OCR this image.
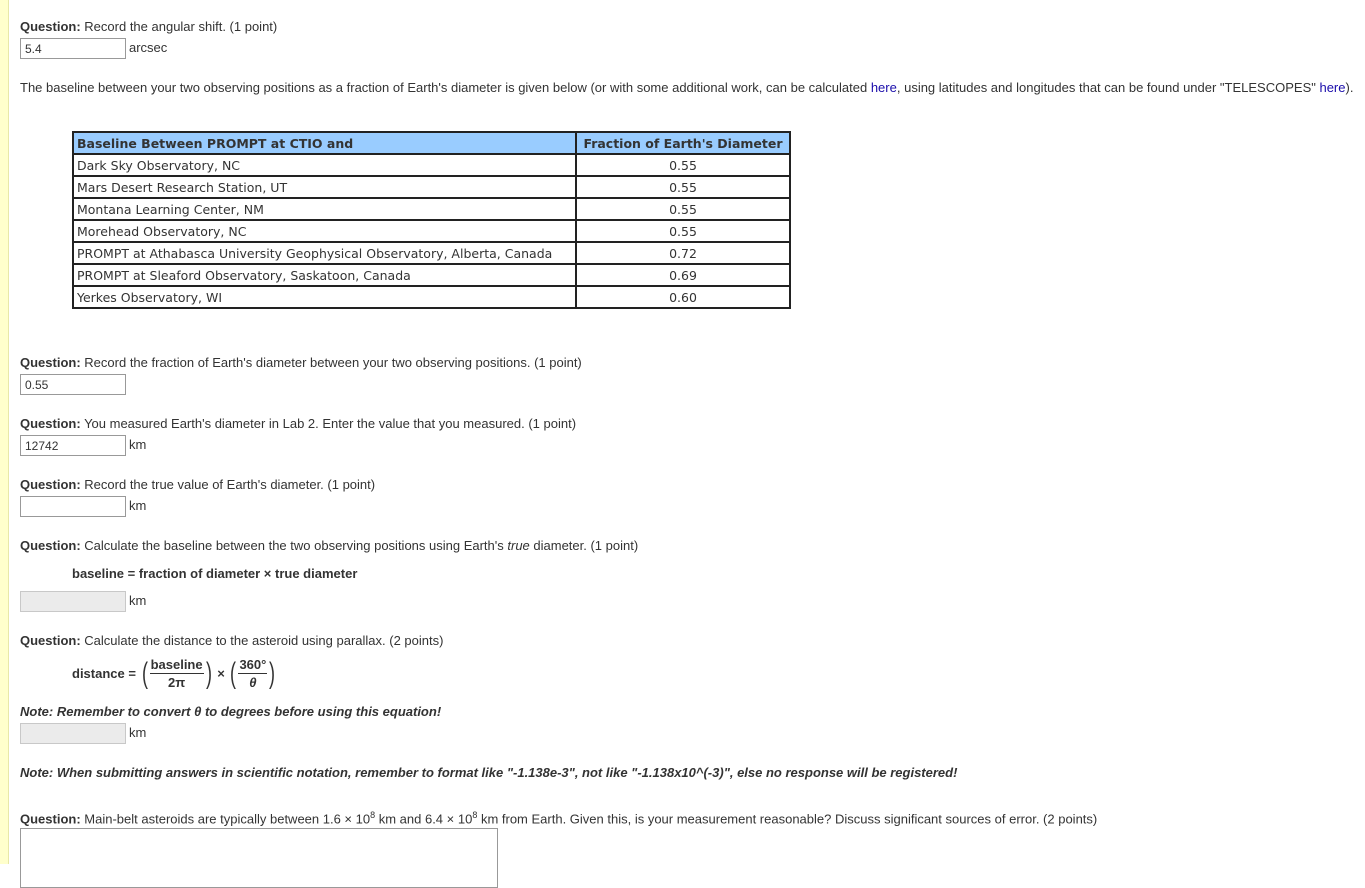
Question: Record the angular shift. (1 point)
5.4
arcsec
The baseline between your two observing positions as a fraction of Earth's diameter is given below (or with some additional work, can be calculated here, using latitudes and longitudes that can be found under "TELESCOPES" here).
Baseline Between PROMPT at CTIO and	Fraction of Earth's Diameter
Dark Sky Observatory, NC	0.55
Mars Desert Research Station, UT	0.55
Montana Learning Center, NM	0.55
Morehead Observatory, NC	0.55
PROMPT at Athabasca University Geophysical Observatory, Alberta, Canada	0.72
PROMPT at Sleaford Observatory, Saskatoon, Canada	0.69
Yerkes Observatory, WI	0.60
Question: Record the fraction of Earth's diameter between your two observing positions. (1 point)
0.55
Question: You measured Earth's diameter in Lab 2. Enter the value that you measured. (1 point)
12742
km
Question: Record the true value of Earth's diameter. (1 point)
km
Question: Calculate the baseline between the two observing positions using Earth's true diameter. (1 point)
baseline = fraction of diameter × true diameter
km
Question: Calculate the distance to the asteroid using parallax. (2 points)
distance = ( $\frac{\text{baseline}}{2\pi}$ ) × ( $\frac{360^\circ}{\theta}$ )
Note: Remember to convert θ to degrees before using this equation!
km
Note: When submitting answers in scientific notation, remember to format like "-1.138e-3", not like "-1.138x10^(-3)", else no response will be registered!
Question: Main-belt asteroids are typically between $1.6 \times 10^8$ km and $6.4 \times 10^8$ km from Earth. Given this, is your measurement reasonable? Discuss significant sources of error. (2 points)
